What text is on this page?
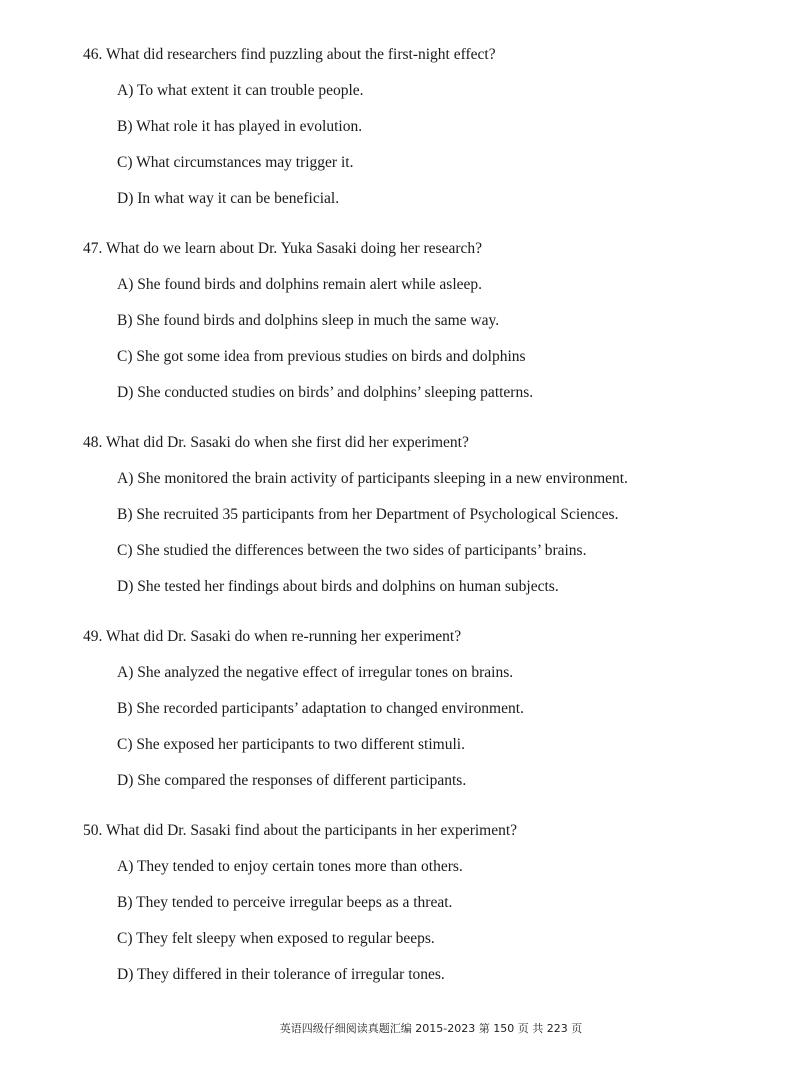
46. What did researchers find puzzling about the first-night effect?
A) To what extent it can trouble people.
B) What role it has played in evolution.
C) What circumstances may trigger it.
D) In what way it can be beneficial.
47. What do we learn about Dr. Yuka Sasaki doing her research?
A) She found birds and dolphins remain alert while asleep.
B) She found birds and dolphins sleep in much the same way.
C) She got some idea from previous studies on birds and dolphins
D) She conducted studies on birds’ and dolphins’ sleeping patterns.
48. What did Dr. Sasaki do when she first did her experiment?
A) She monitored the brain activity of participants sleeping in a new environment.
B) She recruited 35 participants from her Department of Psychological Sciences.
C) She studied the differences between the two sides of participants’ brains.
D) She tested her findings about birds and dolphins on human subjects.
49. What did Dr. Sasaki do when re-running her experiment?
A) She analyzed the negative effect of irregular tones on brains.
B) She recorded participants’ adaptation to changed environment.
C) She exposed her participants to two different stimuli.
D) She compared the responses of different participants.
50. What did Dr. Sasaki find about the participants in her experiment?
A) They tended to enjoy certain tones more than others.
B) They tended to perceive irregular beeps as a threat.
C) They felt sleepy when exposed to regular beeps.
D) They differed in their tolerance of irregular tones.
英语四级仔细阅读真题汇编 2015-2023 第 150 页 共 223 页
